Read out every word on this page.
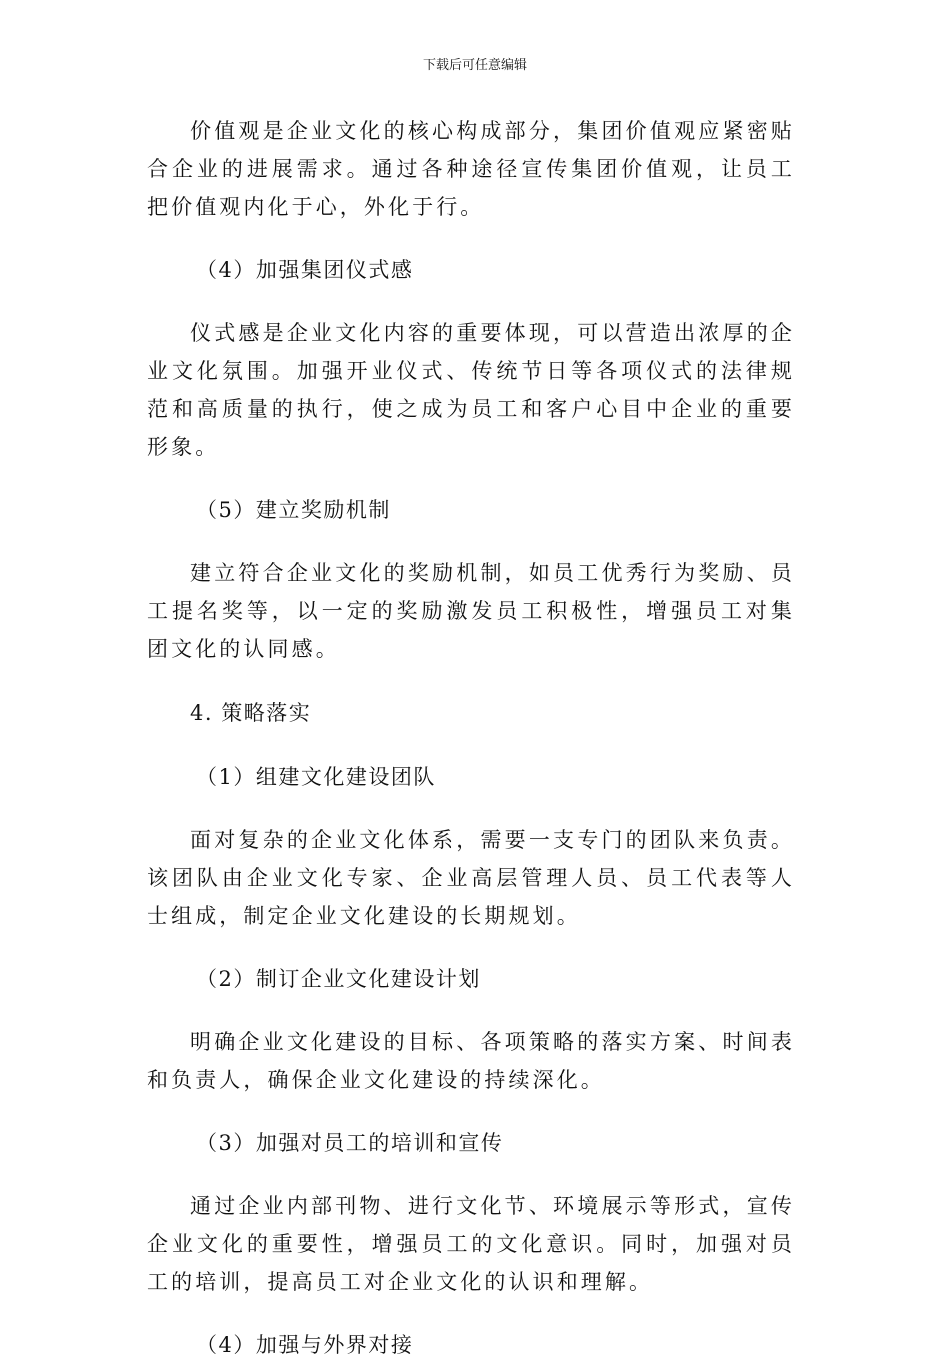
下载后可任意编辑

价值观是企业文化的核心构成部分，集团价值观应紧密贴合企业的进展需求。通过各种途径宣传集团价值观，让员工把价值观内化于心，外化于行。

（4）加强集团仪式感

仪式感是企业文化内容的重要体现，可以营造出浓厚的企业文化氛围。加强开业仪式、传统节日等各项仪式的法律规范和高质量的执行，使之成为员工和客户心目中企业的重要形象。

（5）建立奖励机制

建立符合企业文化的奖励机制，如员工优秀行为奖励、员工提名奖等，以一定的奖励激发员工积极性，增强员工对集团文化的认同感。

4. 策略落实

（1）组建文化建设团队

面对复杂的企业文化体系，需要一支专门的团队来负责。该团队由企业文化专家、企业高层管理人员、员工代表等人士组成，制定企业文化建设的长期规划。

（2）制订企业文化建设计划

明确企业文化建设的目标、各项策略的落实方案、时间表和负责人，确保企业文化建设的持续深化。

（3）加强对员工的培训和宣传

通过企业内部刊物、进行文化节、环境展示等形式，宣传企业文化的重要性，增强员工的文化意识。同时，加强对员工的培训，提高员工对企业文化的认识和理解。

（4）加强与外界对接
